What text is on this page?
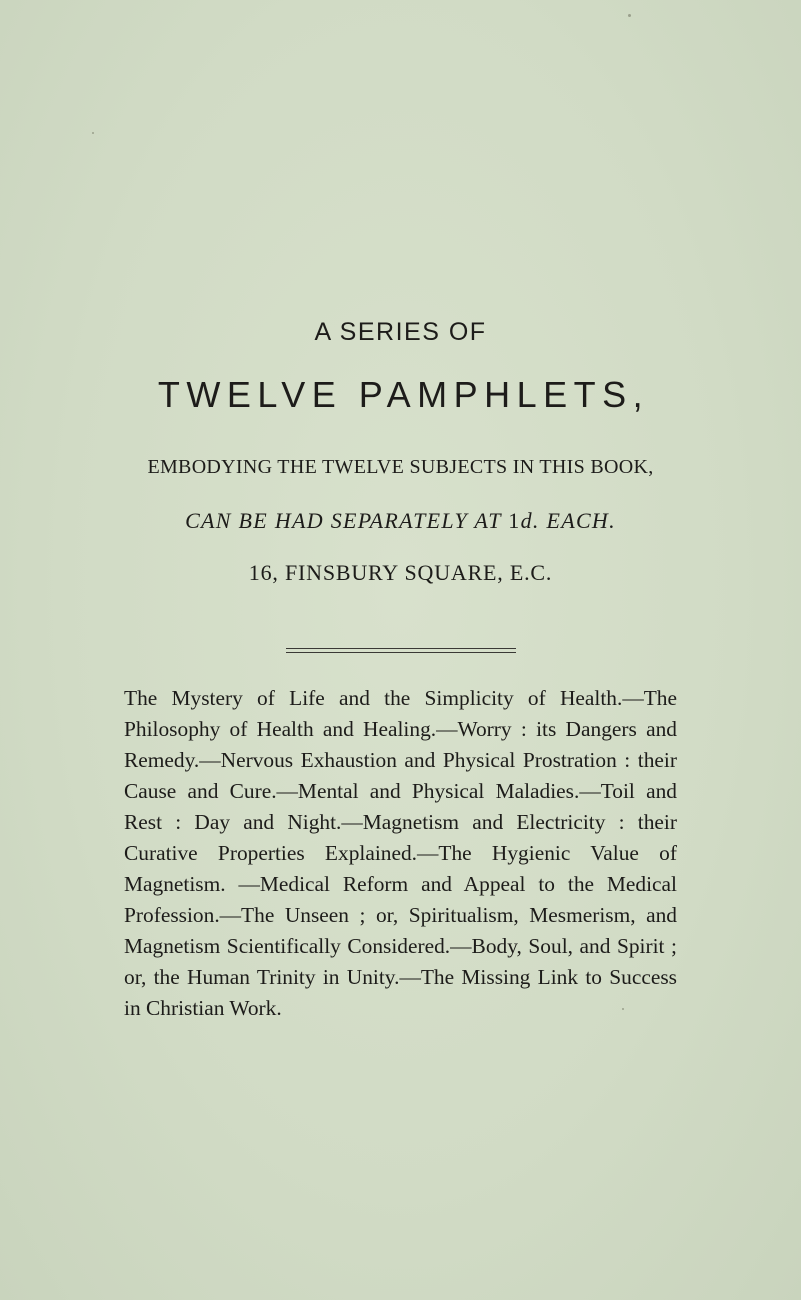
A SERIES OF
TWELVE PAMPHLETS,
EMBODYING THE TWELVE SUBJECTS IN THIS BOOK,
CAN BE HAD SEPARATELY AT 1d. EACH.
16, FINSBURY SQUARE, E.C.
The Mystery of Life and the Simplicity of Health.—The Philosophy of Health and Healing.—Worry : its Dangers and Remedy.—Nervous Exhaustion and Physical Prostration : their Cause and Cure.—Mental and Physical Maladies.—Toil and Rest : Day and Night.—Magnetism and Electricity : their Curative Properties Explained.—The Hygienic Value of Magnetism. —Medical Reform and Appeal to the Medical Profession.—The Unseen ; or, Spiritualism, Mesmerism, and Magnetism Scientifically Considered.—Body, Soul, and Spirit ; or, the Human Trinity in Unity.—The Missing Link to Success in Christian Work.
